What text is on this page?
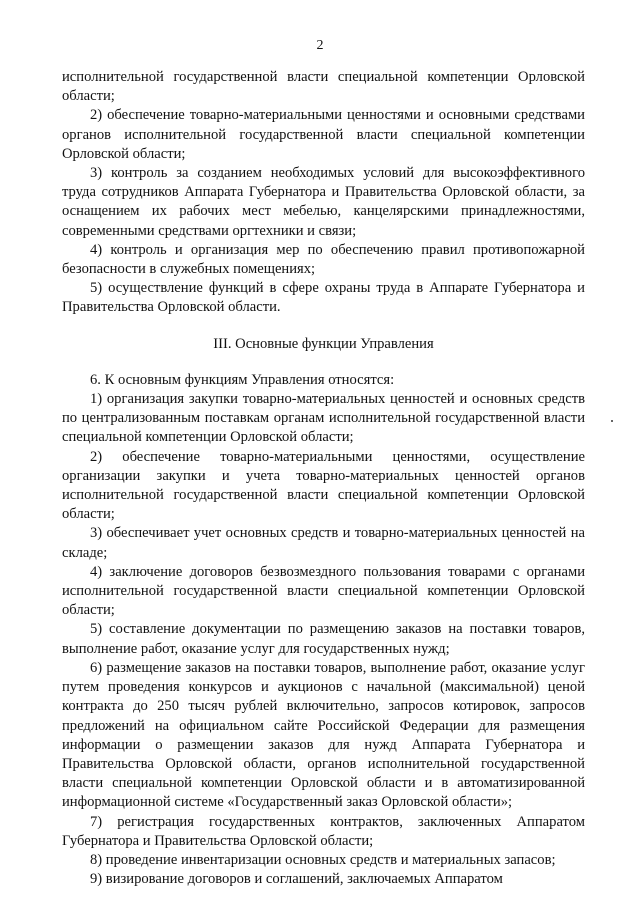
2

исполнительной государственной власти специальной компетенции Орловской области;

2) обеспечение товарно-материальными ценностями и основными средствами органов исполнительной государственной власти специальной компетенции Орловской области;

3) контроль за созданием необходимых условий для высокоэффективного труда сотрудников Аппарата Губернатора и Правительства Орловской области, за оснащением их рабочих мест мебелью, канцелярскими принадлежностями, современными средствами оргтехники и связи;

4) контроль и организация мер по обеспечению правил противопожарной безопасности в служебных помещениях;

5) осуществление функций в сфере охраны труда в Аппарате Губернатора и Правительства Орловской области.

III. Основные функции Управления

6. К основным функциям Управления относятся:

1) организация закупки товарно-материальных ценностей и основных средств по централизованным поставкам органам исполнительной государственной власти специальной компетенции Орловской области;

2) обеспечение товарно-материальными ценностями, осуществление организации закупки и учета товарно-материальных ценностей органов исполнительной государственной власти специальной компетенции Орловской области;

3) обеспечивает учет основных средств и товарно-материальных ценностей на складе;

4) заключение договоров безвозмездного пользования товарами с органами исполнительной государственной власти специальной компетенции Орловской области;

5) составление документации по размещению заказов на поставки товаров, выполнение работ, оказание услуг для государственных нужд;

6) размещение заказов на поставки товаров, выполнение работ, оказание услуг путем проведения конкурсов и аукционов с начальной (максимальной) ценой контракта до 250 тысяч рублей включительно, запросов котировок, запросов предложений на официальном сайте Российской Федерации для размещения информации о размещении заказов для нужд Аппарата Губернатора и Правительства Орловской области, органов исполнительной государственной власти специальной компетенции Орловской области и в автоматизированной информационной системе «Государственный заказ Орловской области»;

7) регистрация государственных контрактов, заключенных Аппаратом Губернатора и Правительства Орловской области;

8) проведение инвентаризации основных средств и материальных запасов;

9) визирование договоров и соглашений, заключаемых Аппаратом
